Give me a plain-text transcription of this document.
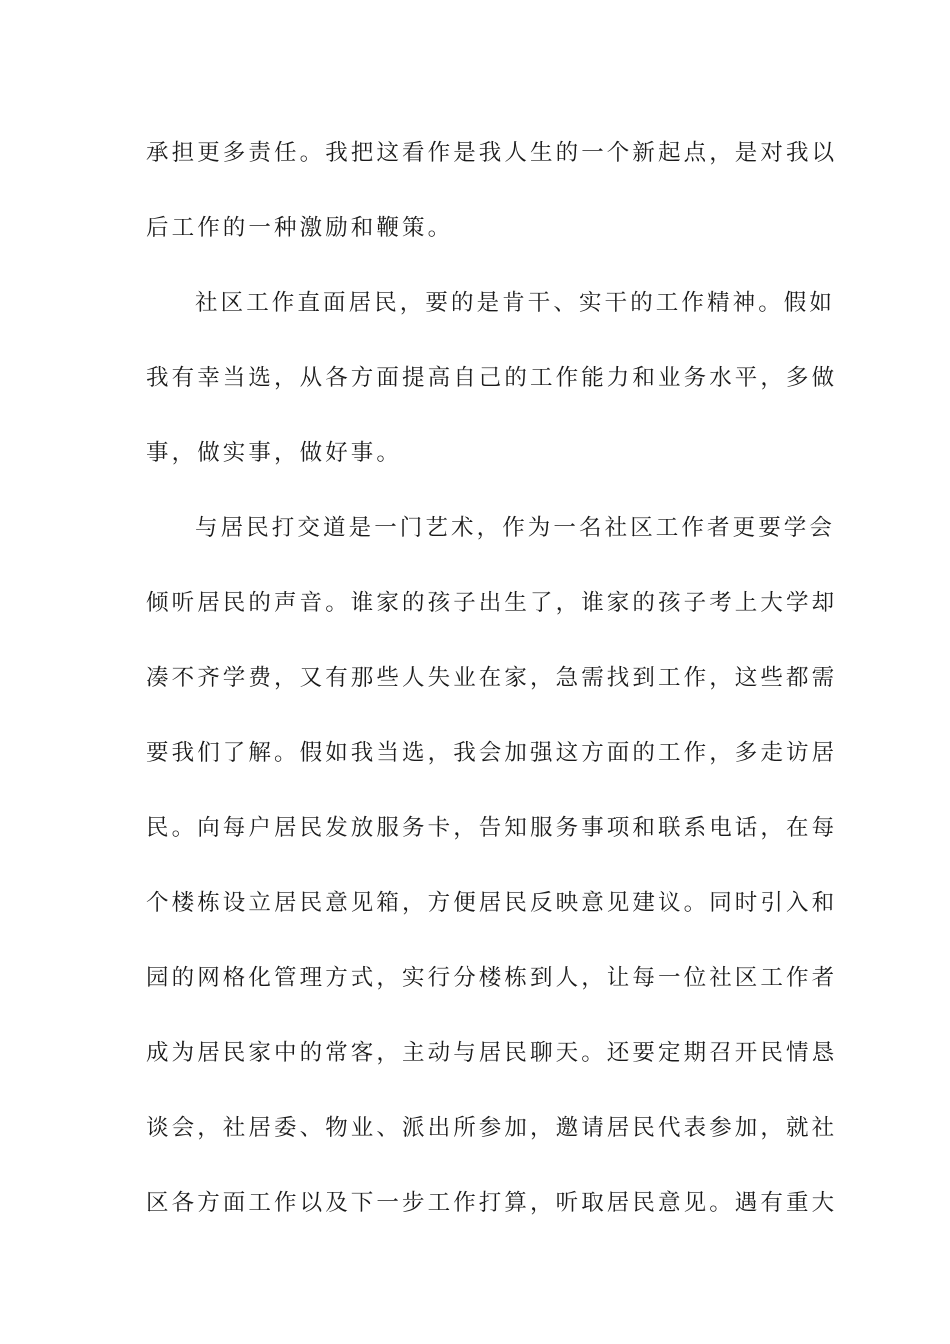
承担更多责任。我把这看作是我人生的一个新起点，是对我以
后工作的一种激励和鞭策。
社区工作直面居民，要的是肯干、实干的工作精神。假如
我有幸当选，从各方面提高自己的工作能力和业务水平，多做
事，做实事，做好事。
与居民打交道是一门艺术，作为一名社区工作者更要学会
倾听居民的声音。谁家的孩子出生了，谁家的孩子考上大学却
凑不齐学费，又有那些人失业在家，急需找到工作，这些都需
要我们了解。假如我当选，我会加强这方面的工作，多走访居
民。向每户居民发放服务卡，告知服务事项和联系电话，在每
个楼栋设立居民意见箱，方便居民反映意见建议。同时引入和
园的网格化管理方式，实行分楼栋到人，让每一位社区工作者
成为居民家中的常客，主动与居民聊天。还要定期召开民情恳
谈会，社居委、物业、派出所参加，邀请居民代表参加，就社
区各方面工作以及下一步工作打算，听取居民意见。遇有重大
